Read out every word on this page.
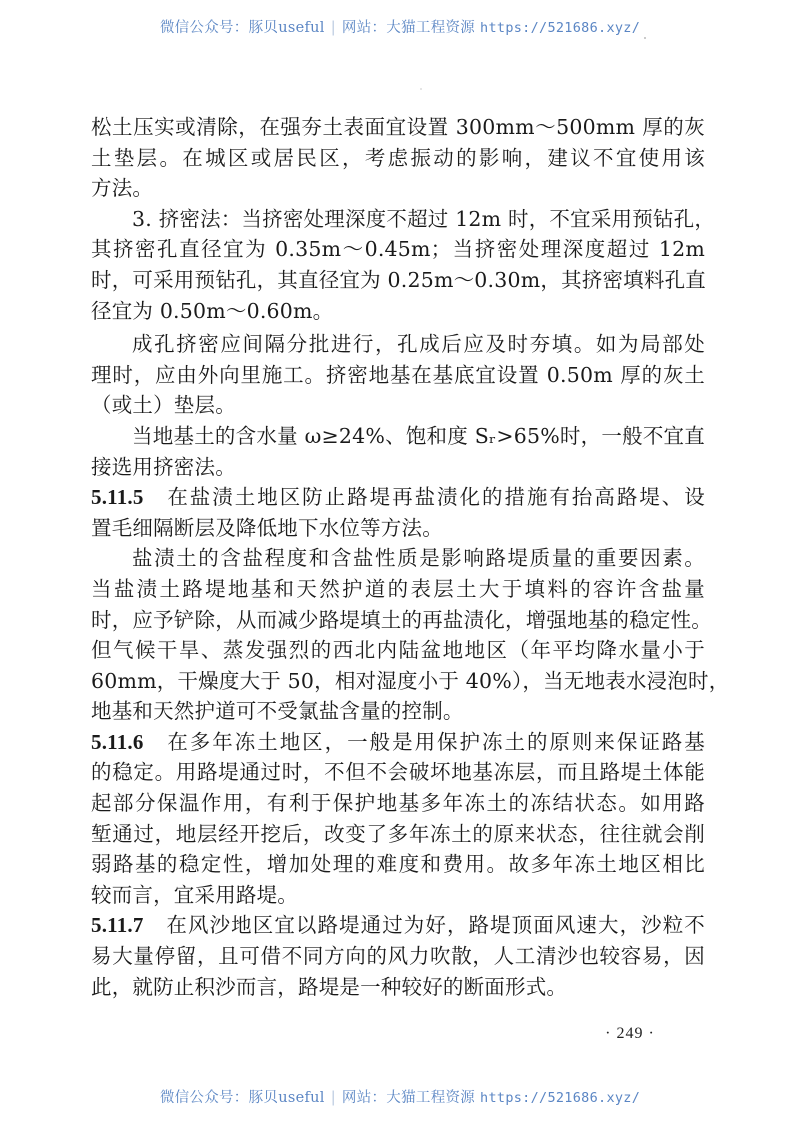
微信公众号：豚贝useful | 网站：大猫工程资源 https://521686.xyz/
松土压实或清除，在强夯土表面宜设置 300mm～500mm 厚的灰
土垫层。在城区或居民区，考虑振动的影响，建议不宜使用该
方法。
3. 挤密法：当挤密处理深度不超过 12m 时，不宜采用预钻孔，
其挤密孔直径宜为 0.35m～0.45m；当挤密处理深度超过 12m
时，可采用预钻孔，其直径宜为 0.25m～0.30m，其挤密填料孔直
径宜为 0.50m～0.60m。
成孔挤密应间隔分批进行，孔成后应及时夯填。如为局部处
理时，应由外向里施工。挤密地基在基底宜设置 0.50m 厚的灰土
（或土）垫层。
当地基土的含水量 ω≥24%、饱和度 Sᵣ>65%时，一般不宜直
接选用挤密法。
5.11.5 在盐渍土地区防止路堤再盐渍化的措施有抬高路堤、设
置毛细隔断层及降低地下水位等方法。
盐渍土的含盐程度和含盐性质是影响路堤质量的重要因素。
当盐渍土路堤地基和天然护道的表层土大于填料的容许含盐量
时，应予铲除，从而减少路堤填土的再盐渍化，增强地基的稳定性。
但气候干旱、蒸发强烈的西北内陆盆地地区（年平均降水量小于
60mm，干燥度大于 50，相对湿度小于 40%），当无地表水浸泡时，
地基和天然护道可不受氯盐含量的控制。
5.11.6 在多年冻土地区，一般是用保护冻土的原则来保证路基
的稳定。用路堤通过时，不但不会破坏地基冻层，而且路堤土体能
起部分保温作用，有利于保护地基多年冻土的冻结状态。如用路
堑通过，地层经开挖后，改变了多年冻土的原来状态，往往就会削
弱路基的稳定性，增加处理的难度和费用。故多年冻土地区相比
较而言，宜采用路堤。
5.11.7 在风沙地区宜以路堤通过为好，路堤顶面风速大，沙粒不
易大量停留，且可借不同方向的风力吹散，人工清沙也较容易，因
此，就防止积沙而言，路堤是一种较好的断面形式。
· 249 ·
微信公众号：豚贝useful | 网站：大猫工程资源 https://521686.xyz/
